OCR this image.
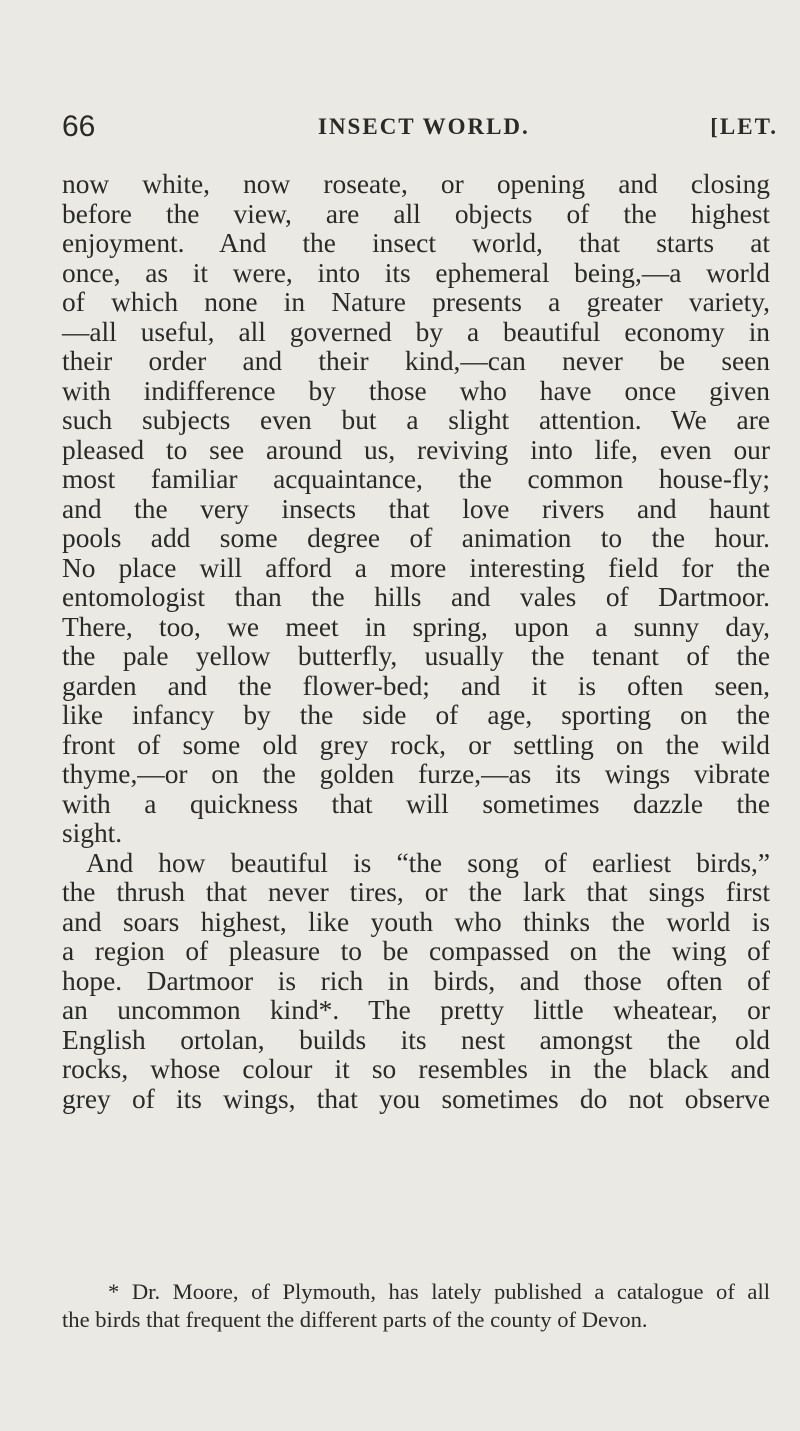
66	INSECT WORLD.	[LET.
now white, now roseate, or opening and closing
before the view, are all objects of the highest
enjoyment. And the insect world, that starts at
once, as it were, into its ephemeral being,—a world
of which none in Nature presents a greater variety,
—all useful, all governed by a beautiful economy in
their order and their kind,—can never be seen
with indifference by those who have once given
such subjects even but a slight attention. We are
pleased to see around us, reviving into life, even our
most familiar acquaintance, the common house-fly;
and the very insects that love rivers and haunt
pools add some degree of animation to the hour.
No place will afford a more interesting field for the
entomologist than the hills and vales of Dartmoor.
There, too, we meet in spring, upon a sunny day,
the pale yellow butterfly, usually the tenant of the
garden and the flower-bed; and it is often seen,
like infancy by the side of age, sporting on the
front of some old grey rock, or settling on the wild
thyme,—or on the golden furze,—as its wings vibrate
with a quickness that will sometimes dazzle the
sight.
And how beautiful is “the song of earliest birds,”
the thrush that never tires, or the lark that sings first
and soars highest, like youth who thinks the world is
a region of pleasure to be compassed on the wing of
hope. Dartmoor is rich in birds, and those often of
an uncommon kind*. The pretty little wheatear, or
English ortolan, builds its nest amongst the old
rocks, whose colour it so resembles in the black and
grey of its wings, that you sometimes do not observe
* Dr. Moore, of Plymouth, has lately published a catalogue of all
the birds that frequent the different parts of the county of Devon.
